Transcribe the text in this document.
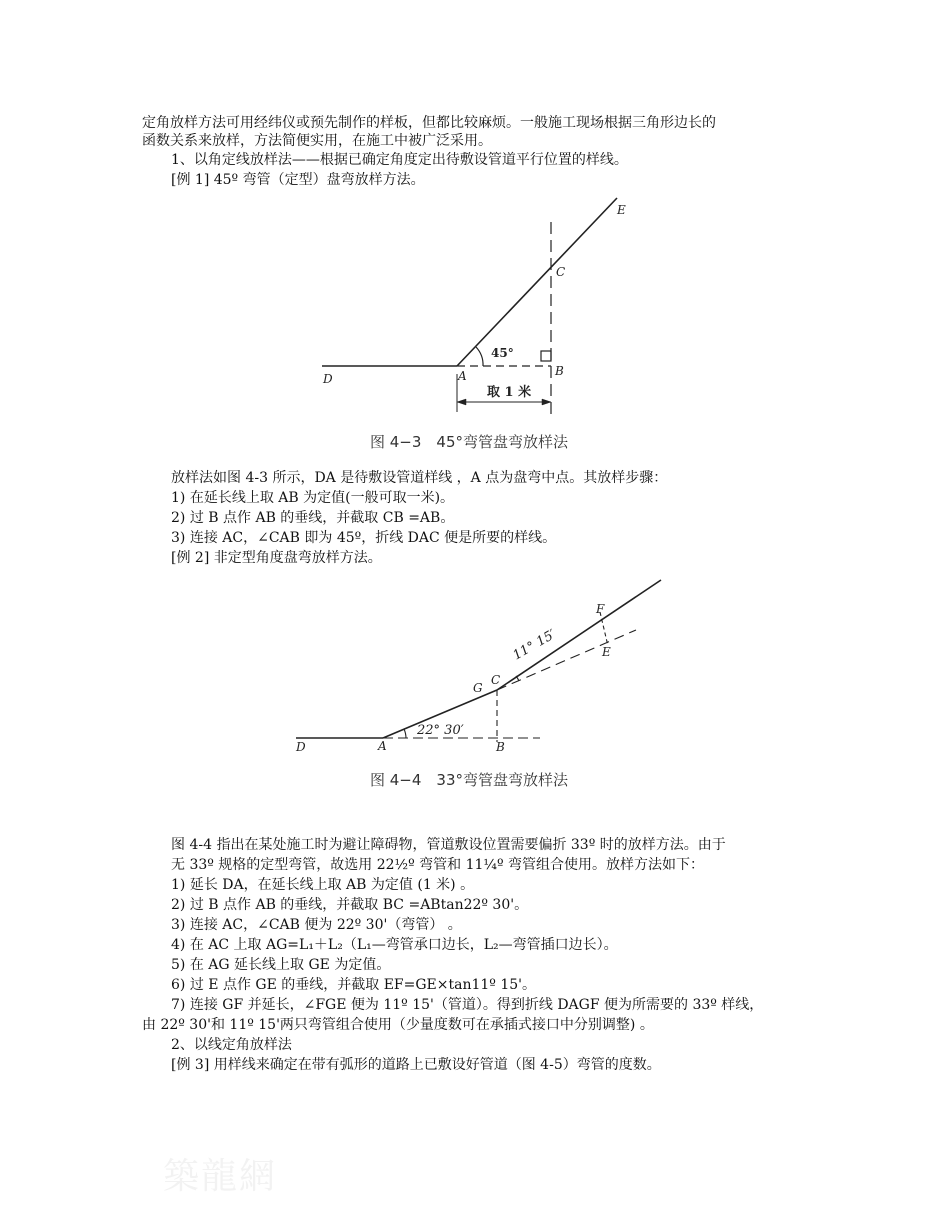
定角放样方法可用经纬仪或预先制作的样板，但都比较麻烦。一般施工现场根据三角形边长的
函数关系来放样，方法简便实用，在施工中被广泛采用。
1、以角定线放样法——根据已确定角度定出待敷设管道平行位置的样线。
[例 1] 45º 弯管（定型）盘弯放样方法。
D	A	B
C
E
45°
取 1 米
图 4−3　45°弯管盘弯放样法
放样法如图 4-3 所示，DA 是待敷设管道样线 ，A 点为盘弯中点。其放样步骤：
1) 在延长线上取 AB 为定值(一般可取一米)。
2) 过 B 点作 AB 的垂线，并截取 CB =AB。
3) 连接 AC，∠CAB 即为 45º，折线 DAC 便是所要的样线。
[例 2] 非定型角度盘弯放样方法。
D	A	B
C
G
E
F
22° 30′
11° 15′
图 4−4　33°弯管盘弯放样法
图 4-4 指出在某处施工时为避让障碍物，管道敷设位置需要偏折 33º 时的放样方法。由于
无 33º 规格的定型弯管，故选用 22½º 弯管和 11¼º 弯管组合使用。放样方法如下：
1) 延长 DA，在延长线上取 AB 为定值 (1 米) 。
2) 过 B 点作 AB 的垂线，并截取 BC =ABtan22º 30'。
3) 连接 AC，∠CAB 便为 22º 30'（弯管） 。
4) 在 AC 上取 AG=L₁＋L₂（L₁—弯管承口边长，L₂—弯管插口边长）。
5) 在 AG 延长线上取 GE 为定值。
6) 过 E 点作 GE 的垂线，并截取 EF=GE×tan11º 15'。
7) 连接 GF 并延长，∠FGE 便为 11º 15'（管道）。得到折线 DAGF 便为所需要的 33º 样线，
由 22º 30'和 11º 15'两只弯管组合使用（少量度数可在承插式接口中分别调整) 。
2、以线定角放样法
[例 3] 用样线来确定在带有弧形的道路上已敷设好管道（图 4-5）弯管的度数。
築龍網
